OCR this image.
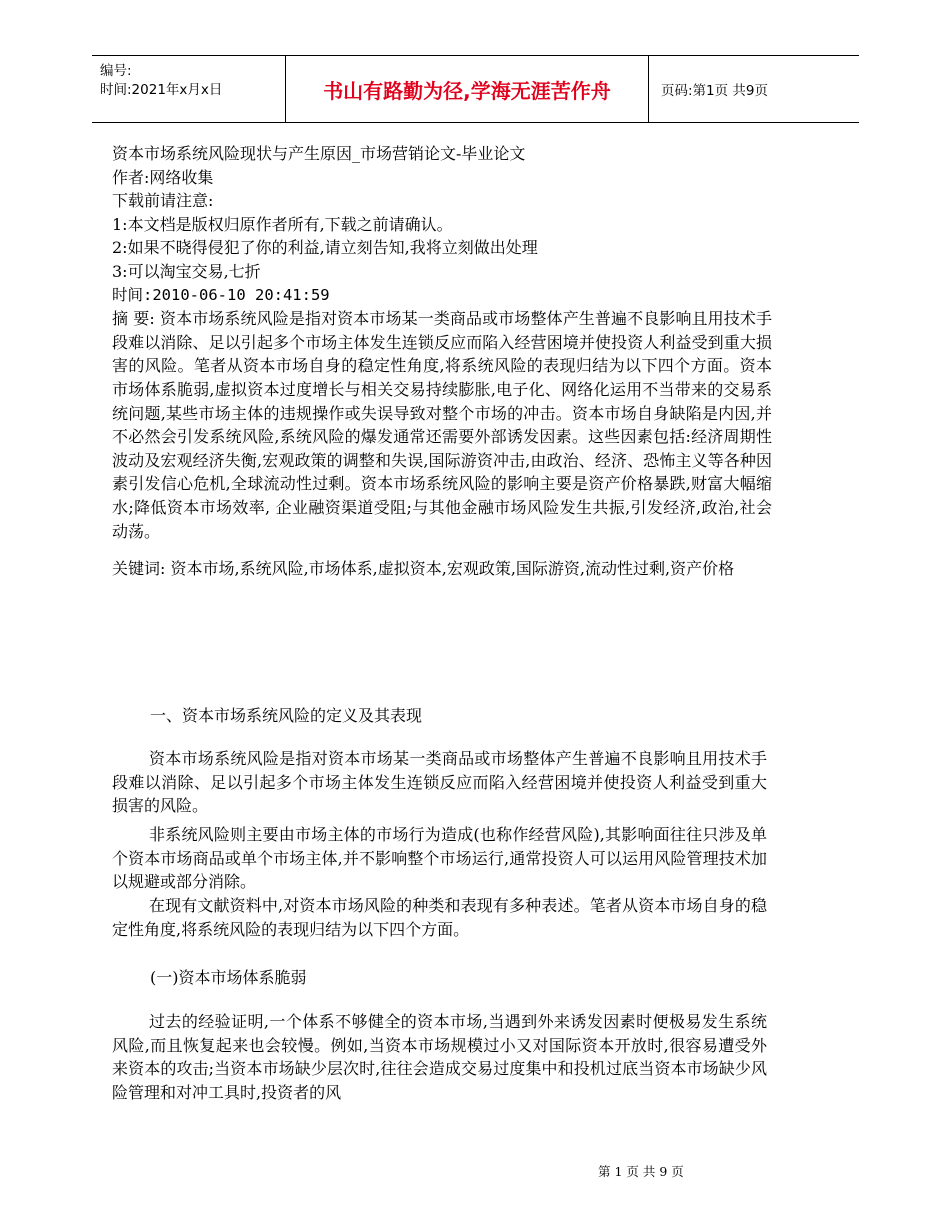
编号:
时间:2021年x月x日	书山有路勤为径,学海无涯苦作舟	页码:第1页 共9页

资本市场系统风险现状与产生原因_市场营销论文-毕业论文

作者:网络收集

下载前请注意:

1:本文档是版权归原作者所有,下载之前请确认。

2:如果不晓得侵犯了你的利益,请立刻告知,我将立刻做出处理

3:可以淘宝交易,七折

时间:2010-06-10 20:41:59

摘 要: 资本市场系统风险是指对资本市场某一类商品或市场整体产生普遍不良影响且用技术手段难以消除、足以引起多个市场主体发生连锁反应而陷入经营困境并使投资人利益受到重大损害的风险。笔者从资本市场自身的稳定性角度,将系统风险的表现归结为以下四个方面。资本市场体系脆弱,虚拟资本过度增长与相关交易持续膨胀,电子化、网络化运用不当带来的交易系统问题,某些市场主体的违规操作或失误导致对整个市场的冲击。资本市场自身缺陷是内因,并不必然会引发系统风险,系统风险的爆发通常还需要外部诱发因素。这些因素包括:经济周期性波动及宏观经济失衡,宏观政策的调整和失误,国际游资冲击,由政治、经济、恐怖主义等各种因素引发信心危机,全球流动性过剩。资本市场系统风险的影响主要是资产价格暴跌,财富大幅缩水;降低资本市场效率, 企业融资渠道受阻;与其他金融市场风险发生共振,引发经济,政治,社会动荡。

关键词: 资本市场,系统风险,市场体系,虚拟资本,宏观政策,国际游资,流动性过剩,资产价格

一、资本市场系统风险的定义及其表现
资本市场系统风险是指对资本市场某一类商品或市场整体产生普遍不良影响且用技术手段难以消除、足以引起多个市场主体发生连锁反应而陷入经营困境并使投资人利益受到重大损害的风险。
非系统风险则主要由市场主体的市场行为造成(也称作经营风险),其影响面往往只涉及单个资本市场商品或单个市场主体,并不影响整个市场运行,通常投资人可以运用风险管理技术加以规避或部分消除。
在现有文献资料中,对资本市场风险的种类和表现有多种表述。笔者从资本市场自身的稳定性角度,将系统风险的表现归结为以下四个方面。
(一)资本市场体系脆弱
过去的经验证明,一个体系不够健全的资本市场,当遇到外来诱发因素时便极易发生系统风险,而且恢复起来也会较慢。例如,当资本市场规模过小又对国际资本开放时,很容易遭受外来资本的攻击;当资本市场缺少层次时,往往会造成交易过度集中和投机过底当资本市场缺少风险管理和对冲工具时,投资者的风
第 1 页 共 9 页
